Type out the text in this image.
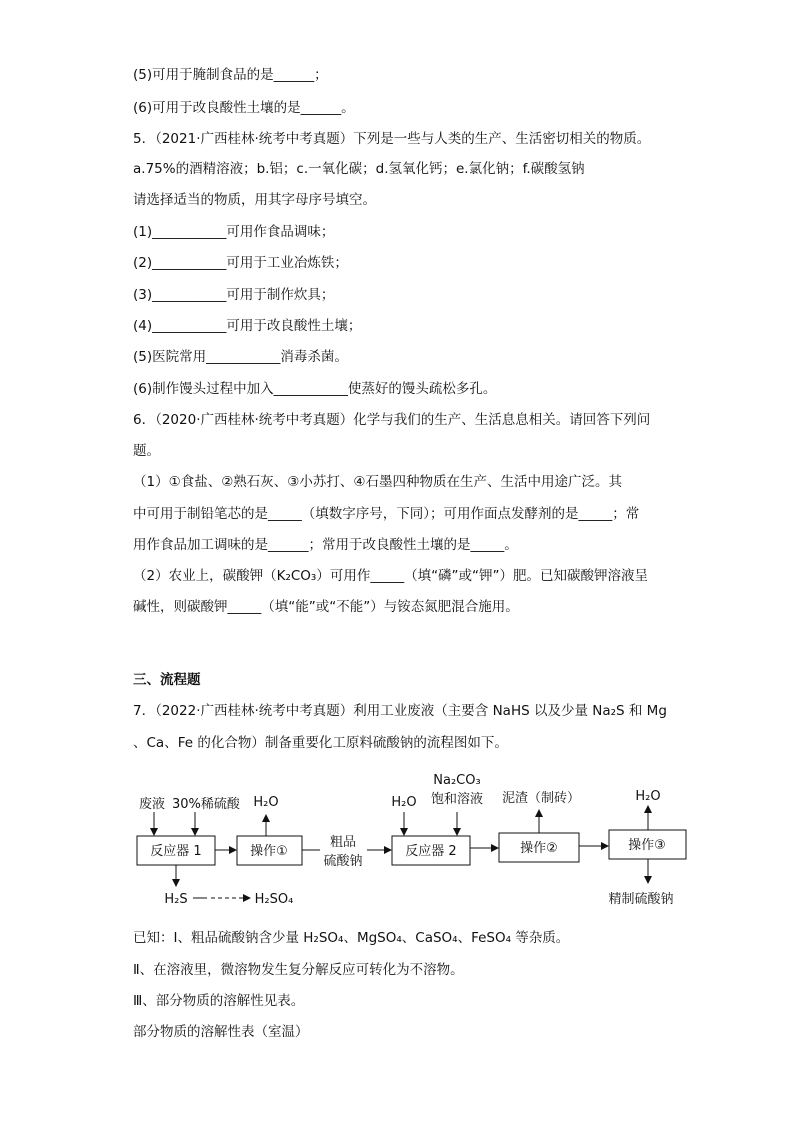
(5)可用于腌制食品的是______；
(6)可用于改良酸性土壤的是______。
5．（2021·广西桂林·统考中考真题）下列是一些与人类的生产、生活密切相关的物质。
a.75%的酒精溶液；b.铝；c.一氧化碳；d.氢氧化钙；e.氯化钠；f.碳酸氢钠
请选择适当的物质，用其字母序号填空。
(1)___________可用作食品调味；
(2)___________可用于工业冶炼铁；
(3)___________可用于制作炊具；
(4)___________可用于改良酸性土壤；
(5)医院常用___________消毒杀菌。
(6)制作馒头过程中加入___________使蒸好的馒头疏松多孔。
6．（2020·广西桂林·统考中考真题）化学与我们的生产、生活息息相关。请回答下列问
题。
（1）①食盐、②熟石灰、③小苏打、④石墨四种物质在生产、生活中用途广泛。其
中可用于制铅笔芯的是_____（填数字序号，下同）；可用作面点发酵剂的是_____；常
用作食品加工调味的是______；常用于改良酸性土壤的是_____。
（2）农业上，碳酸钾（K₂CO₃）可用作_____（填“磷”或“钾”）肥。已知碳酸钾溶液呈
碱性，则碳酸钾_____（填“能”或“不能”）与铵态氮肥混合施用。
三、流程题
7．（2022·广西桂林·统考中考真题）利用工业废液（主要含 NaHS 以及少量 Na₂S 和 Mg
、Ca、Fe 的化合物）制备重要化工原料硫酸钠的流程图如下。
废液 30%稀硫酸
反应器 1
H₂O
操作①
粗品
硫酸钠
H₂O
Na₂CO₃
饱和溶液
反应器 2
泥渣（制砖）
操作②
H₂O
操作③
H₂S	H₂SO₄	精制硫酸钠
已知：Ⅰ、粗品硫酸钠含少量 H₂SO₄、MgSO₄、CaSO₄、FeSO₄ 等杂质。
Ⅱ、在溶液里，微溶物发生复分解反应可转化为不溶物。
Ⅲ、部分物质的溶解性见表。
部分物质的溶解性表（室温）
